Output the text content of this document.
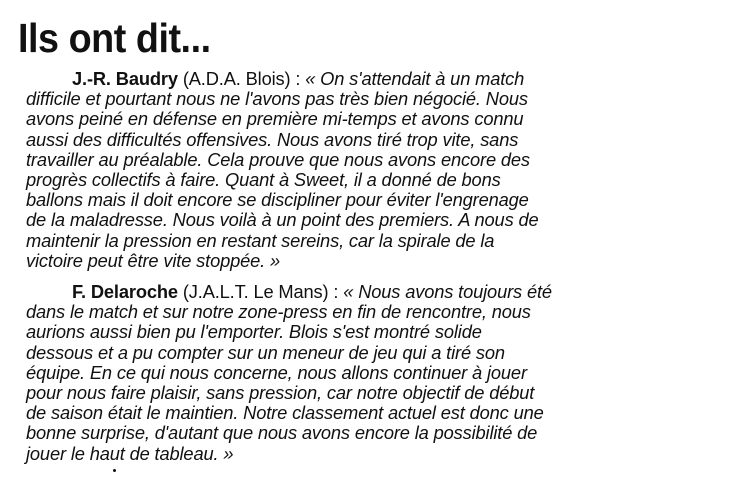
Ils ont dit...
J.-R. Baudry (A.D.A. Blois) : « On s'attendait à un match
difficile et pourtant nous ne l'avons pas très bien négocié. Nous
avons peiné en défense en première mi-temps et avons connu
aussi des difficultés offensives. Nous avons tiré trop vite, sans
travailler au préalable. Cela prouve que nous avons encore des
progrès collectifs à faire. Quant à Sweet, il a donné de bons
ballons mais il doit encore se discipliner pour éviter l'engrenage
de la maladresse. Nous voilà à un point des premiers. A nous de
maintenir la pression en restant sereins, car la spirale de la
victoire peut être vite stoppée. »
F. Delaroche (J.A.L.T. Le Mans) : « Nous avons toujours été
dans le match et sur notre zone-press en fin de rencontre, nous
aurions aussi bien pu l'emporter. Blois s'est montré solide
dessous et a pu compter sur un meneur de jeu qui a tiré son
équipe. En ce qui nous concerne, nous allons continuer à jouer
pour nous faire plaisir, sans pression, car notre objectif de début
de saison était le maintien. Notre classement actuel est donc une
bonne surprise, d'autant que nous avons encore la possibilité de
jouer le haut de tableau. »
